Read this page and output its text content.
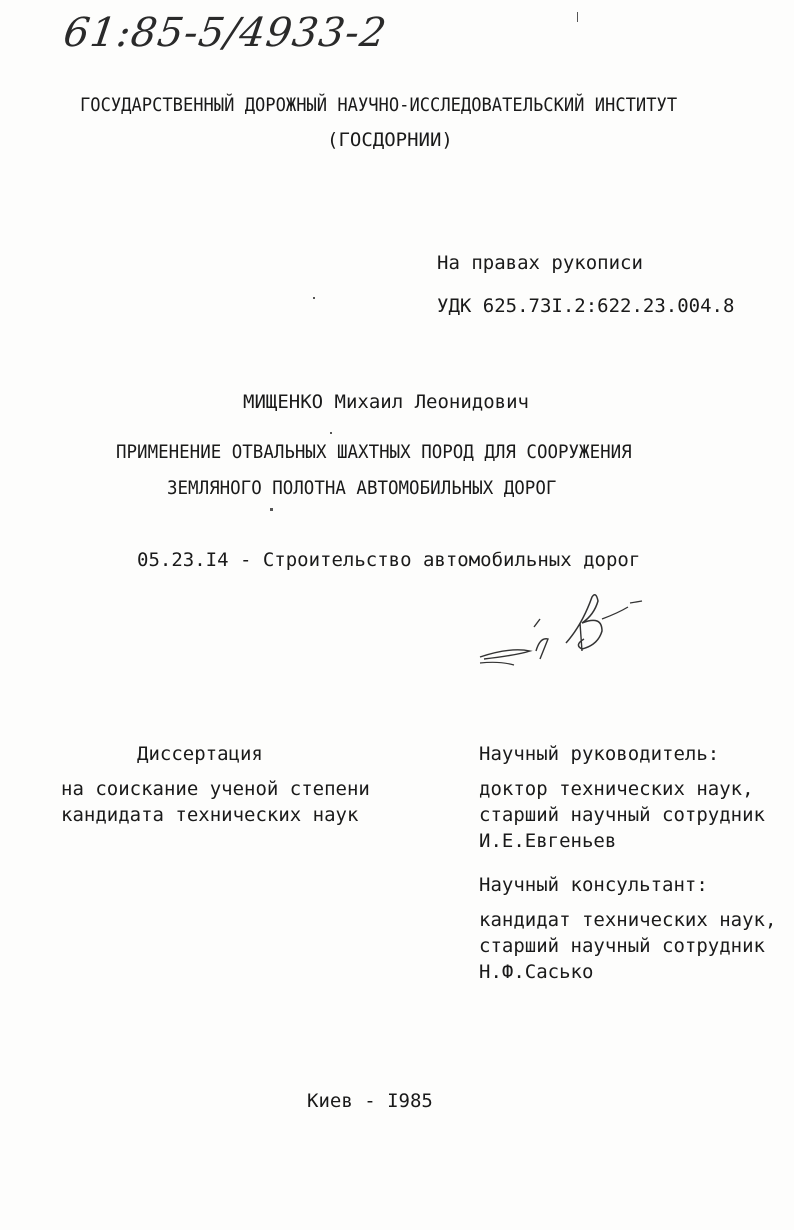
61:85-5/4933-2
ГОСУДАРСТВЕННЫЙ ДОРОЖНЫЙ НАУЧНО-ИССЛЕДОВАТЕЛЬСКИЙ ИНСТИТУТ
(ГОСДОРНИИ)
На правах рукописи
УДК 625.73I.2:622.23.004.8
МИЩЕНКО Михаил Леонидович
ПРИМЕНЕНИЕ ОТВАЛЬНЫХ ШАХТНЫХ ПОРОД ДЛЯ СООРУЖЕНИЯ
ЗЕМЛЯНОГО ПОЛОТНА АВТОМОБИЛЬНЫХ ДОРОГ
05.23.I4 - Строительство автомобильных дорог
Диссертация
на соискание ученой степени
кандидата технических наук
Научный руководитель:
доктор технических наук,
старший научный сотрудник
И.Е.Евгеньев
Научный консультант:
кандидат технических наук,
старший научный сотрудник
Н.Ф.Сасько
Киев - I985
